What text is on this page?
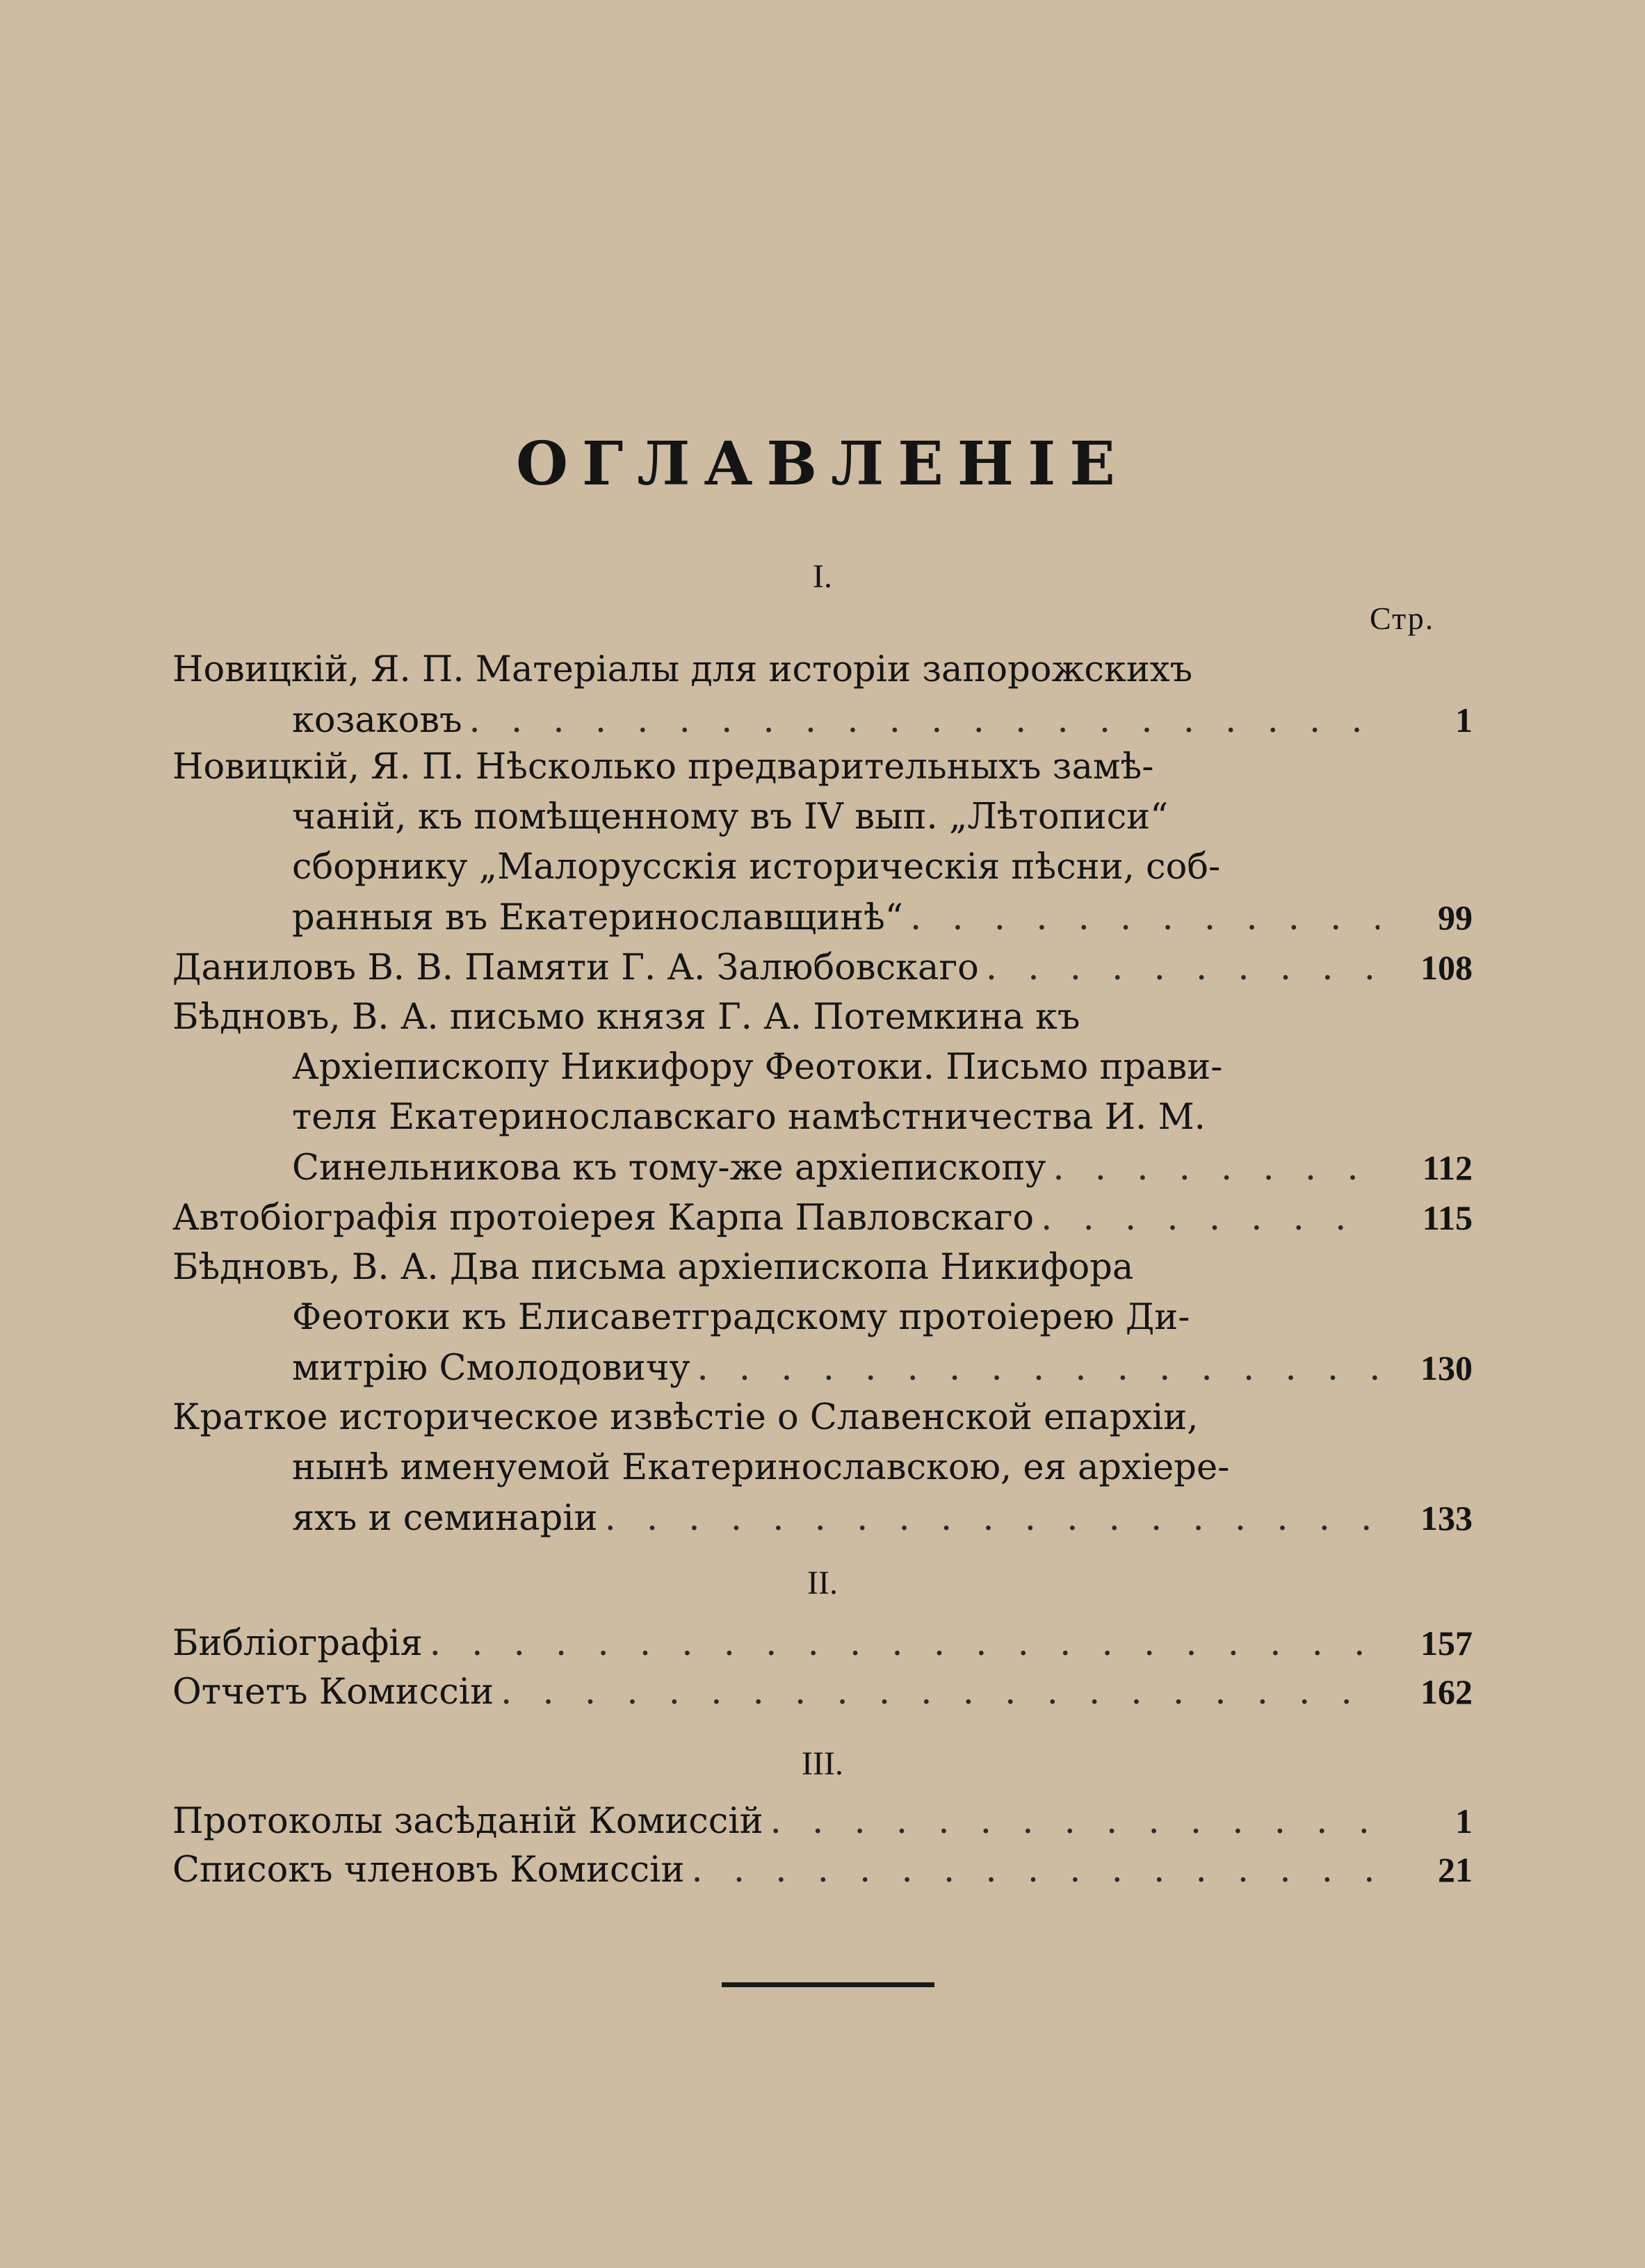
ОГЛАВЛЕНІЕ
I.
Стр.
Новицкій, Я. П. Матеріалы для исторіи запорожскихъ
козаковъ . . .	1
Новицкій, Я. П. Нѣсколько предварительныхъ замѣ-
чаній, къ помѣщенному въ IV вып. „Лѣтописи“
сборнику „Малорусскія историческія пѣсни, соб-
ранныя въ Екатеринославщинѣ“ . . .	99
Даниловъ В. В. Памяти Г. А. Залюбовскаго . . .	108
Бѣдновъ, В. А. письмо князя Г. А. Потемкина къ
Архіепископу Никифору Феотоки. Письмо прави-
теля Екатеринославскаго намѣстничества И. М.
Синельникова къ тому-же архіепископу . . .	112
Автобіографія протоіерея Карпа Павловскаго . . .	115
Бѣдновъ, В. А. Два письма архіепископа Никифора
Феотоки къ Елисаветградскому протоіерею Ди-
митрію Смолодовичу . . .	130
Краткое историческое извѣстіе о Славенской епархіи,
нынѣ именуемой Екатеринославскою, ея архіере-
яхъ и семинаріи . . .	133
II.
Библіографія . . .	157
Отчетъ Комиссіи . . .	162
III.
Протоколы засѣданій Комиссій . . .	1
Списокъ членовъ Комиссіи . . .	21
